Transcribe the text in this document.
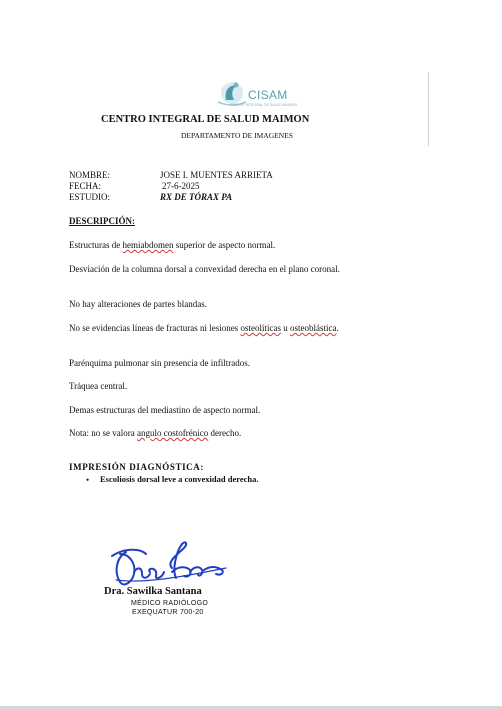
CISAM
CENTRO INTEGRAL DE SALUD MAIMON
CENTRO INTEGRAL DE SALUD MAIMON
DEPARTAMENTO DE IMAGENES
NOMBRE:	JOSE I. MUENTES ARRIETA
FECHA:	27-6-2025
ESTUDIO:	RX DE TÓRAX PA
DESCRIPCIÓN:
Estructuras de hemiabdomen superior de aspecto normal.
Desviación de la columna dorsal a convexidad derecha en el plano coronal.
No hay alteraciones de partes blandas.
No se evidencias líneas de fracturas ni lesiones osteolíticas u osteoblástica.
Parénquima pulmonar sin presencia de infiltrados.
Tráquea central.
Demas estructuras del mediastino de aspecto normal.
Nota: no se valora angulo costofrénico derecho.
IMPRESIÓN DIAGNÓSTICA:
• Escoliosis dorsal leve a convexidad derecha.
Dra. Sawilka Santana
MÉDICO RADIÓLOGO
EXEQUATUR 700-20
